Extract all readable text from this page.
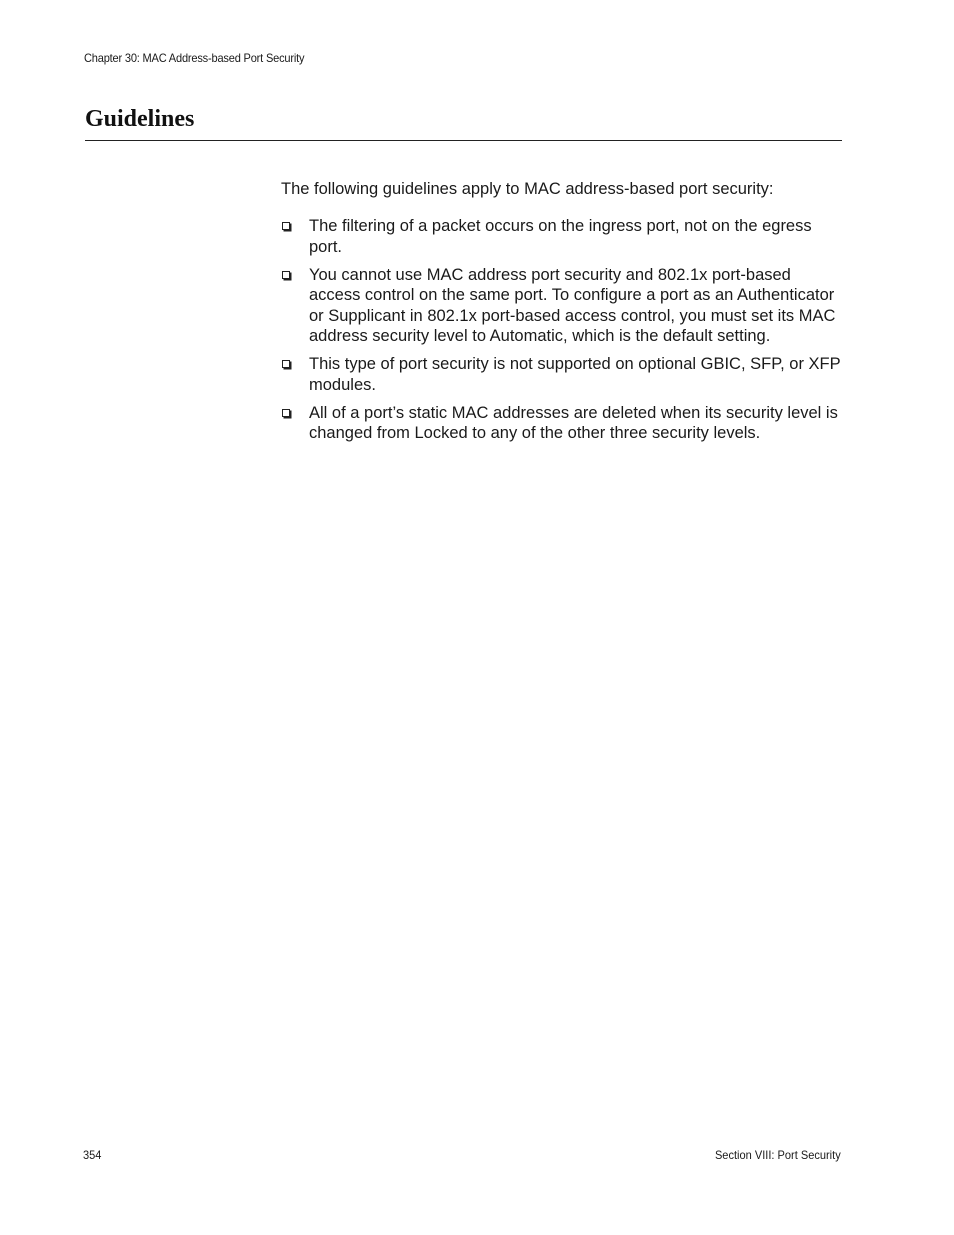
Chapter 30: MAC Address-based Port Security
Guidelines

The following guidelines apply to MAC address-based port security:

The filtering of a packet occurs on the ingress port, not on the egress port.
You cannot use MAC address port security and 802.1x port-based access control on the same port. To configure a port as an Authenticator or Supplicant in 802.1x port-based access control, you must set its MAC address security level to Automatic, which is the default setting.
This type of port security is not supported on optional GBIC, SFP, or XFP modules.
All of a port’s static MAC addresses are deleted when its security level is changed from Locked to any of the other three security levels.
354	Section VIII: Port Security
